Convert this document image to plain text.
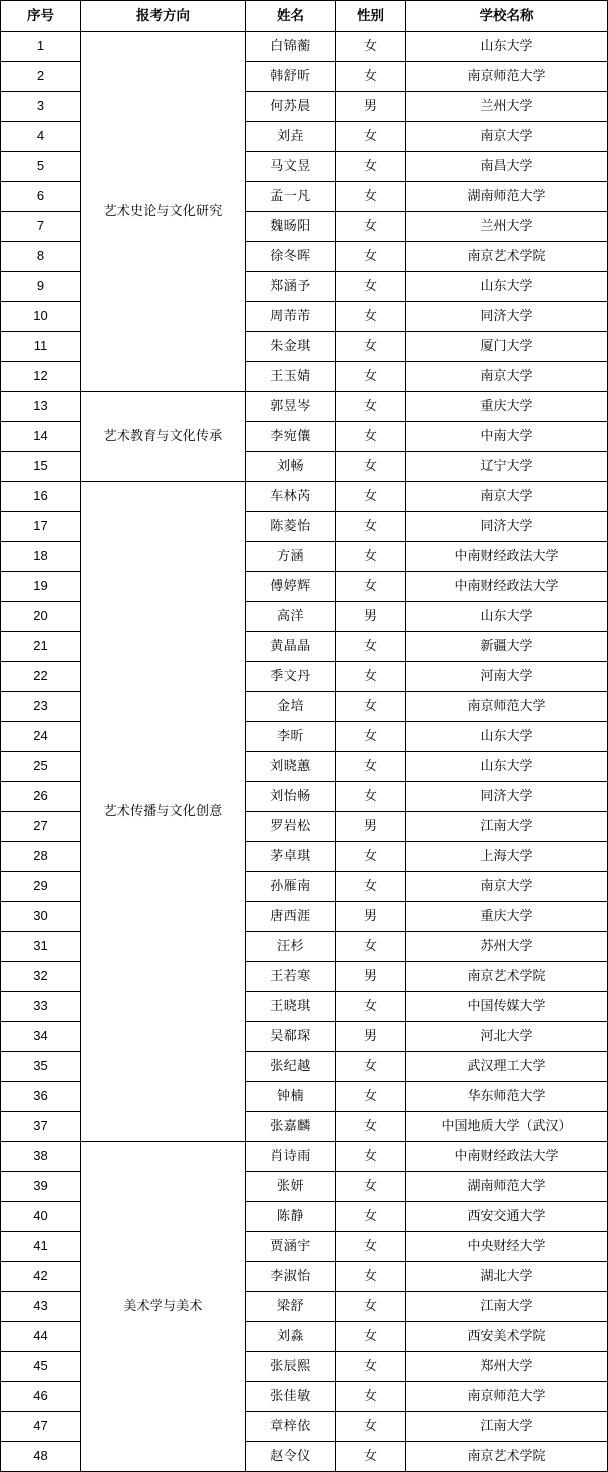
序号	报考方向	姓名	性别	学校名称
1	艺术史论与文化研究	白锦蘅	女	山东大学
2		韩舒昕	女	南京师范大学
3		何苏晨	男	兰州大学
4		刘垚	女	南京大学
5		马文昱	女	南昌大学
6		孟一凡	女	湖南师范大学
7		魏旸阳	女	兰州大学
8		徐冬晖	女	南京艺术学院
9		郑涵予	女	山东大学
10		周芾芾	女	同济大学
11		朱金琪	女	厦门大学
12		王玉婧	女	南京大学
13	艺术教育与文化传承	郭昱岑	女	重庆大学
14		李宛儴	女	中南大学
15		刘畅	女	辽宁大学
16	艺术传播与文化创意	车林芮	女	南京大学
17		陈菱怡	女	同济大学
18		方涵	女	中南财经政法大学
19		傅婷辉	女	中南财经政法大学
20		高洋	男	山东大学
21		黄晶晶	女	新疆大学
22		季文丹	女	河南大学
23		金培	女	南京师范大学
24		李昕	女	山东大学
25		刘晓蕙	女	山东大学
26		刘怡畅	女	同济大学
27		罗岩松	男	江南大学
28		茅卓琪	女	上海大学
29		孙雁南	女	南京大学
30		唐西涯	男	重庆大学
31		汪杉	女	苏州大学
32		王若寒	男	南京艺术学院
33		王晓琪	女	中国传媒大学
34		吴郗琛	男	河北大学
35		张纪越	女	武汉理工大学
36		钟楠	女	华东师范大学
37		张嘉麟	女	中国地质大学（武汉）
38	美术学与美术	肖诗雨	女	中南财经政法大学
39		张妍	女	湖南师范大学
40		陈静	女	西安交通大学
41		贾涵宇	女	中央财经大学
42		李淑怡	女	湖北大学
43		梁舒	女	江南大学
44		刘淼	女	西安美术学院
45		张辰熙	女	郑州大学
46		张佳敏	女	南京师范大学
47		章梓依	女	江南大学
48		赵令仪	女	南京艺术学院
